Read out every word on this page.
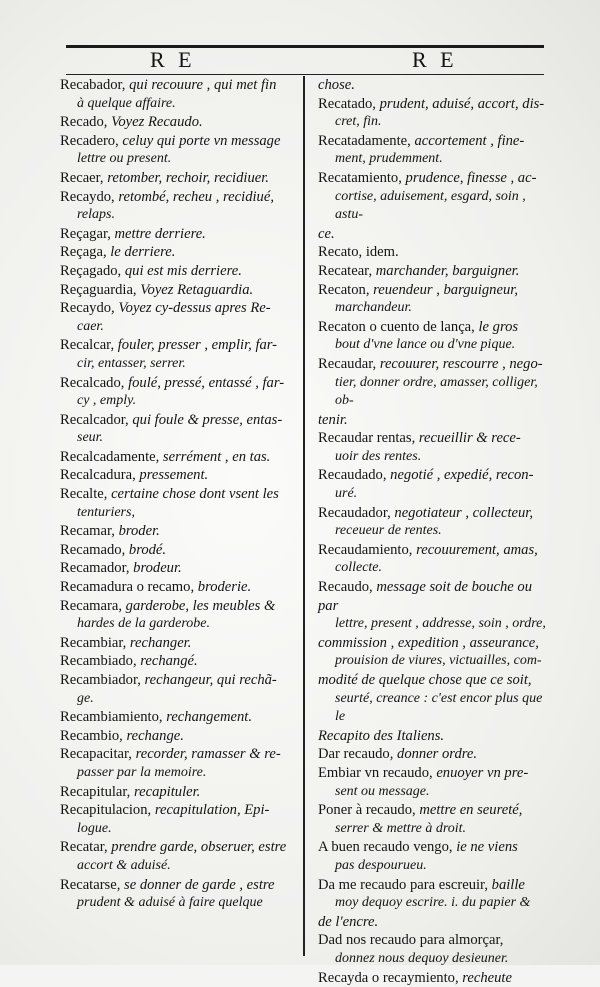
R E	R E
Recabador, qui recouure , qui met fin
à quelque affaire.
Recado, Voyez Recaudo.
Recadero, celuy qui porte vn message
lettre ou present.
Recaer, retomber, rechoir, recidiuer.
Recaydo, retombé, recheu , recidiué,
relaps.
Reçagar, mettre derriere.
Reçaga, le derriere.
Reçagado, qui est mis derriere.
Reçaguardia, Voyez Retaguardia.
Recaydo, Voyez cy-dessus apres Re-
caer.
Recalcar, fouler, presser , emplir, far-
cir, entasser, serrer.
Recalcado, foulé, pressé, entassé , far-
cy , emply.
Recalcador, qui foule & presse, entas-
seur.
Recalcadamente, serrément , en tas.
Recalcadura, pressement.
Recalte, certaine chose dont vsent les
tenturiers,
Recamar, broder.
Recamado, brodé.
Recamador, brodeur.
Recamadura o recamo, broderie.
Recamara, garderobe, les meubles &
hardes de la garderobe.
Recambiar, rechanger.
Recambiado, rechangé.
Recambiador, rechangeur, qui rechã-
ge.
Recambiamiento, rechangement.
Recambio, rechange.
Recapacitar, recorder, ramasser & re-
passer par la memoire.
Recapitular, recapituler.
Recapitulacion, recapitulation, Epi-
logue.
Recatar, prendre garde, obseruer, estre
accort & aduisé.
Recatarse, se donner de garde , estre
prudent & aduisé à faire quelque
chose.
Recatado, prudent, aduisé, accort, dis-
cret, fin.
Recatadamente, accortement , fine-
ment, prudemment.
Recatamiento, prudence, finesse , ac-
cortise, aduisement, esgard, soin , astu-
ce.
Recato, idem.
Recatear, marchander, barguigner.
Recaton, reuendeur , barguigneur,
marchandeur.
Recaton o cuento de lança, le gros
bout d'vne lance ou d'vne pique.
Recaudar, recouurer, rescourre , nego-
tier, donner ordre, amasser, colliger, ob-
tenir.
Recaudar rentas, recueillir & rece-
uoir des rentes.
Recaudado, negotié , expedié, recon-
uré.
Recaudador, negotiateur , collecteur,
receueur de rentes.
Recaudamiento, recouurement, amas,
collecte.
Recaudo, message soit de bouche ou par
lettre, present , addresse, soin , ordre,
commission , expedition , asseurance,
prouision de viures, victuailles, com-
modité de quelque chose que ce soit,
seurté, creance : c'est encor plus que le
Recapito des Italiens.
Dar recaudo, donner ordre.
Embiar vn recaudo, enuoyer vn pre-
sent ou message.
Poner à recaudo, mettre en seureté,
serrer & mettre à droit.
A buen recaudo vengo, ie ne viens
pas despourueu.
Da me recaudo para escreuir, baille
moy dequoy escrire. i. du papier &
de l'encre.
Dad nos recaudo para almorçar,
donnez nous dequoy desieuner.
Recayda o recaymiento, recheute
